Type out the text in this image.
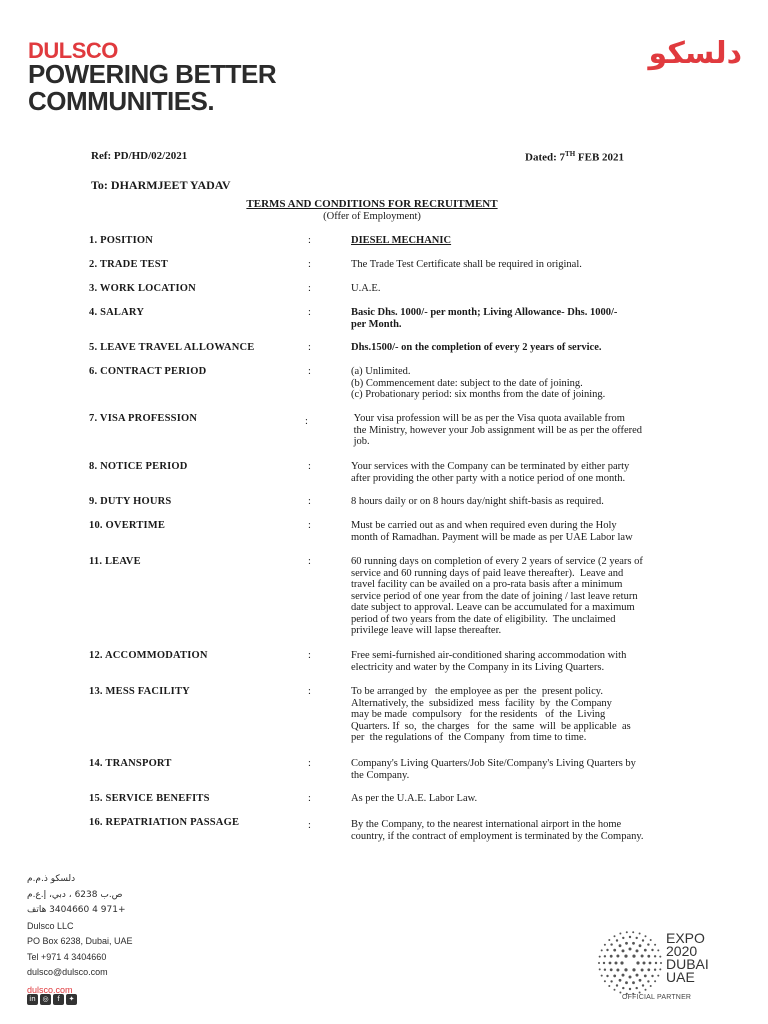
DULSCO
POWERING BETTER
COMMUNITIES.
دلسكو
Ref: PD/HD/02/2021	Dated: 7TH FEB 2021
To: DHARMJEET YADAV
TERMS AND CONDITIONS FOR RECRUITMENT
(Offer of Employment)
1. POSITION	:	DIESEL MECHANIC
2. TRADE TEST	:	The Trade Test Certificate shall be required in original.
3. WORK LOCATION	:	U.A.E.
4. SALARY	:	Basic Dhs. 1000/- per month; Living Allowance- Dhs. 1000/-
per Month.
5. LEAVE TRAVEL ALLOWANCE	:	Dhs.1500/- on the completion of every 2 years of service.
6. CONTRACT PERIOD	:	(a) Unlimited.
(b) Commencement date: subject to the date of joining.
(c) Probationary period: six months from the date of joining.
7. VISA PROFESSION	:	Your visa profession will be as per the Visa quota available from
the Ministry, however your Job assignment will be as per the offered
job.
8. NOTICE PERIOD	:	Your services with the Company can be terminated by either party
after providing the other party with a notice period of one month.
9. DUTY HOURS	:	8 hours daily or on 8 hours day/night shift-basis as required.
10. OVERTIME	:	Must be carried out as and when required even during the Holy
month of Ramadhan. Payment will be made as per UAE Labor law
11. LEAVE	:	60 running days on completion of every 2 years of service (2 years of
service and 60 running days of paid leave thereafter).  Leave and
travel facility can be availed on a pro-rata basis after a minimum
service period of one year from the date of joining / last leave return
date subject to approval. Leave can be accumulated for a maximum
period of two years from the date of eligibility.  The unclaimed
privilege leave will lapse thereafter.
12. ACCOMMODATION	:	Free semi-furnished air-conditioned sharing accommodation with
electricity and water by the Company in its Living Quarters.
13. MESS FACILITY	:	To be arranged by   the employee as per  the  present policy.
Alternatively, the  subsidized  mess  facility  by  the Company
may be made  compulsory   for the residents   of  the  Living
Quarters. If  so,  the charges   for  the  same  will  be applicable  as
per  the regulations of  the Company  from time to time.
14. TRANSPORT	:	Company's Living Quarters/Job Site/Company's Living Quarters by
the Company.
15. SERVICE BENEFITS	:	As per the U.A.E. Labor Law.
16. REPATRIATION PASSAGE	:	By the Company, to the nearest international airport in the home
country, if the contract of employment is terminated by the Company.
دلسكو ذ.م.م
ص.ب 6238 ، دبي، إ.ع.م
+971 4 3404660 هاتف
Dulsco LLC
PO Box 6238, Dubai, UAE
Tel +971 4 3404660
dulsco@dulsco.com
dulsco.com
in ◎	f	✦
EXPO
2020
DUBAI
UAE
OFFICIAL PARTNER
